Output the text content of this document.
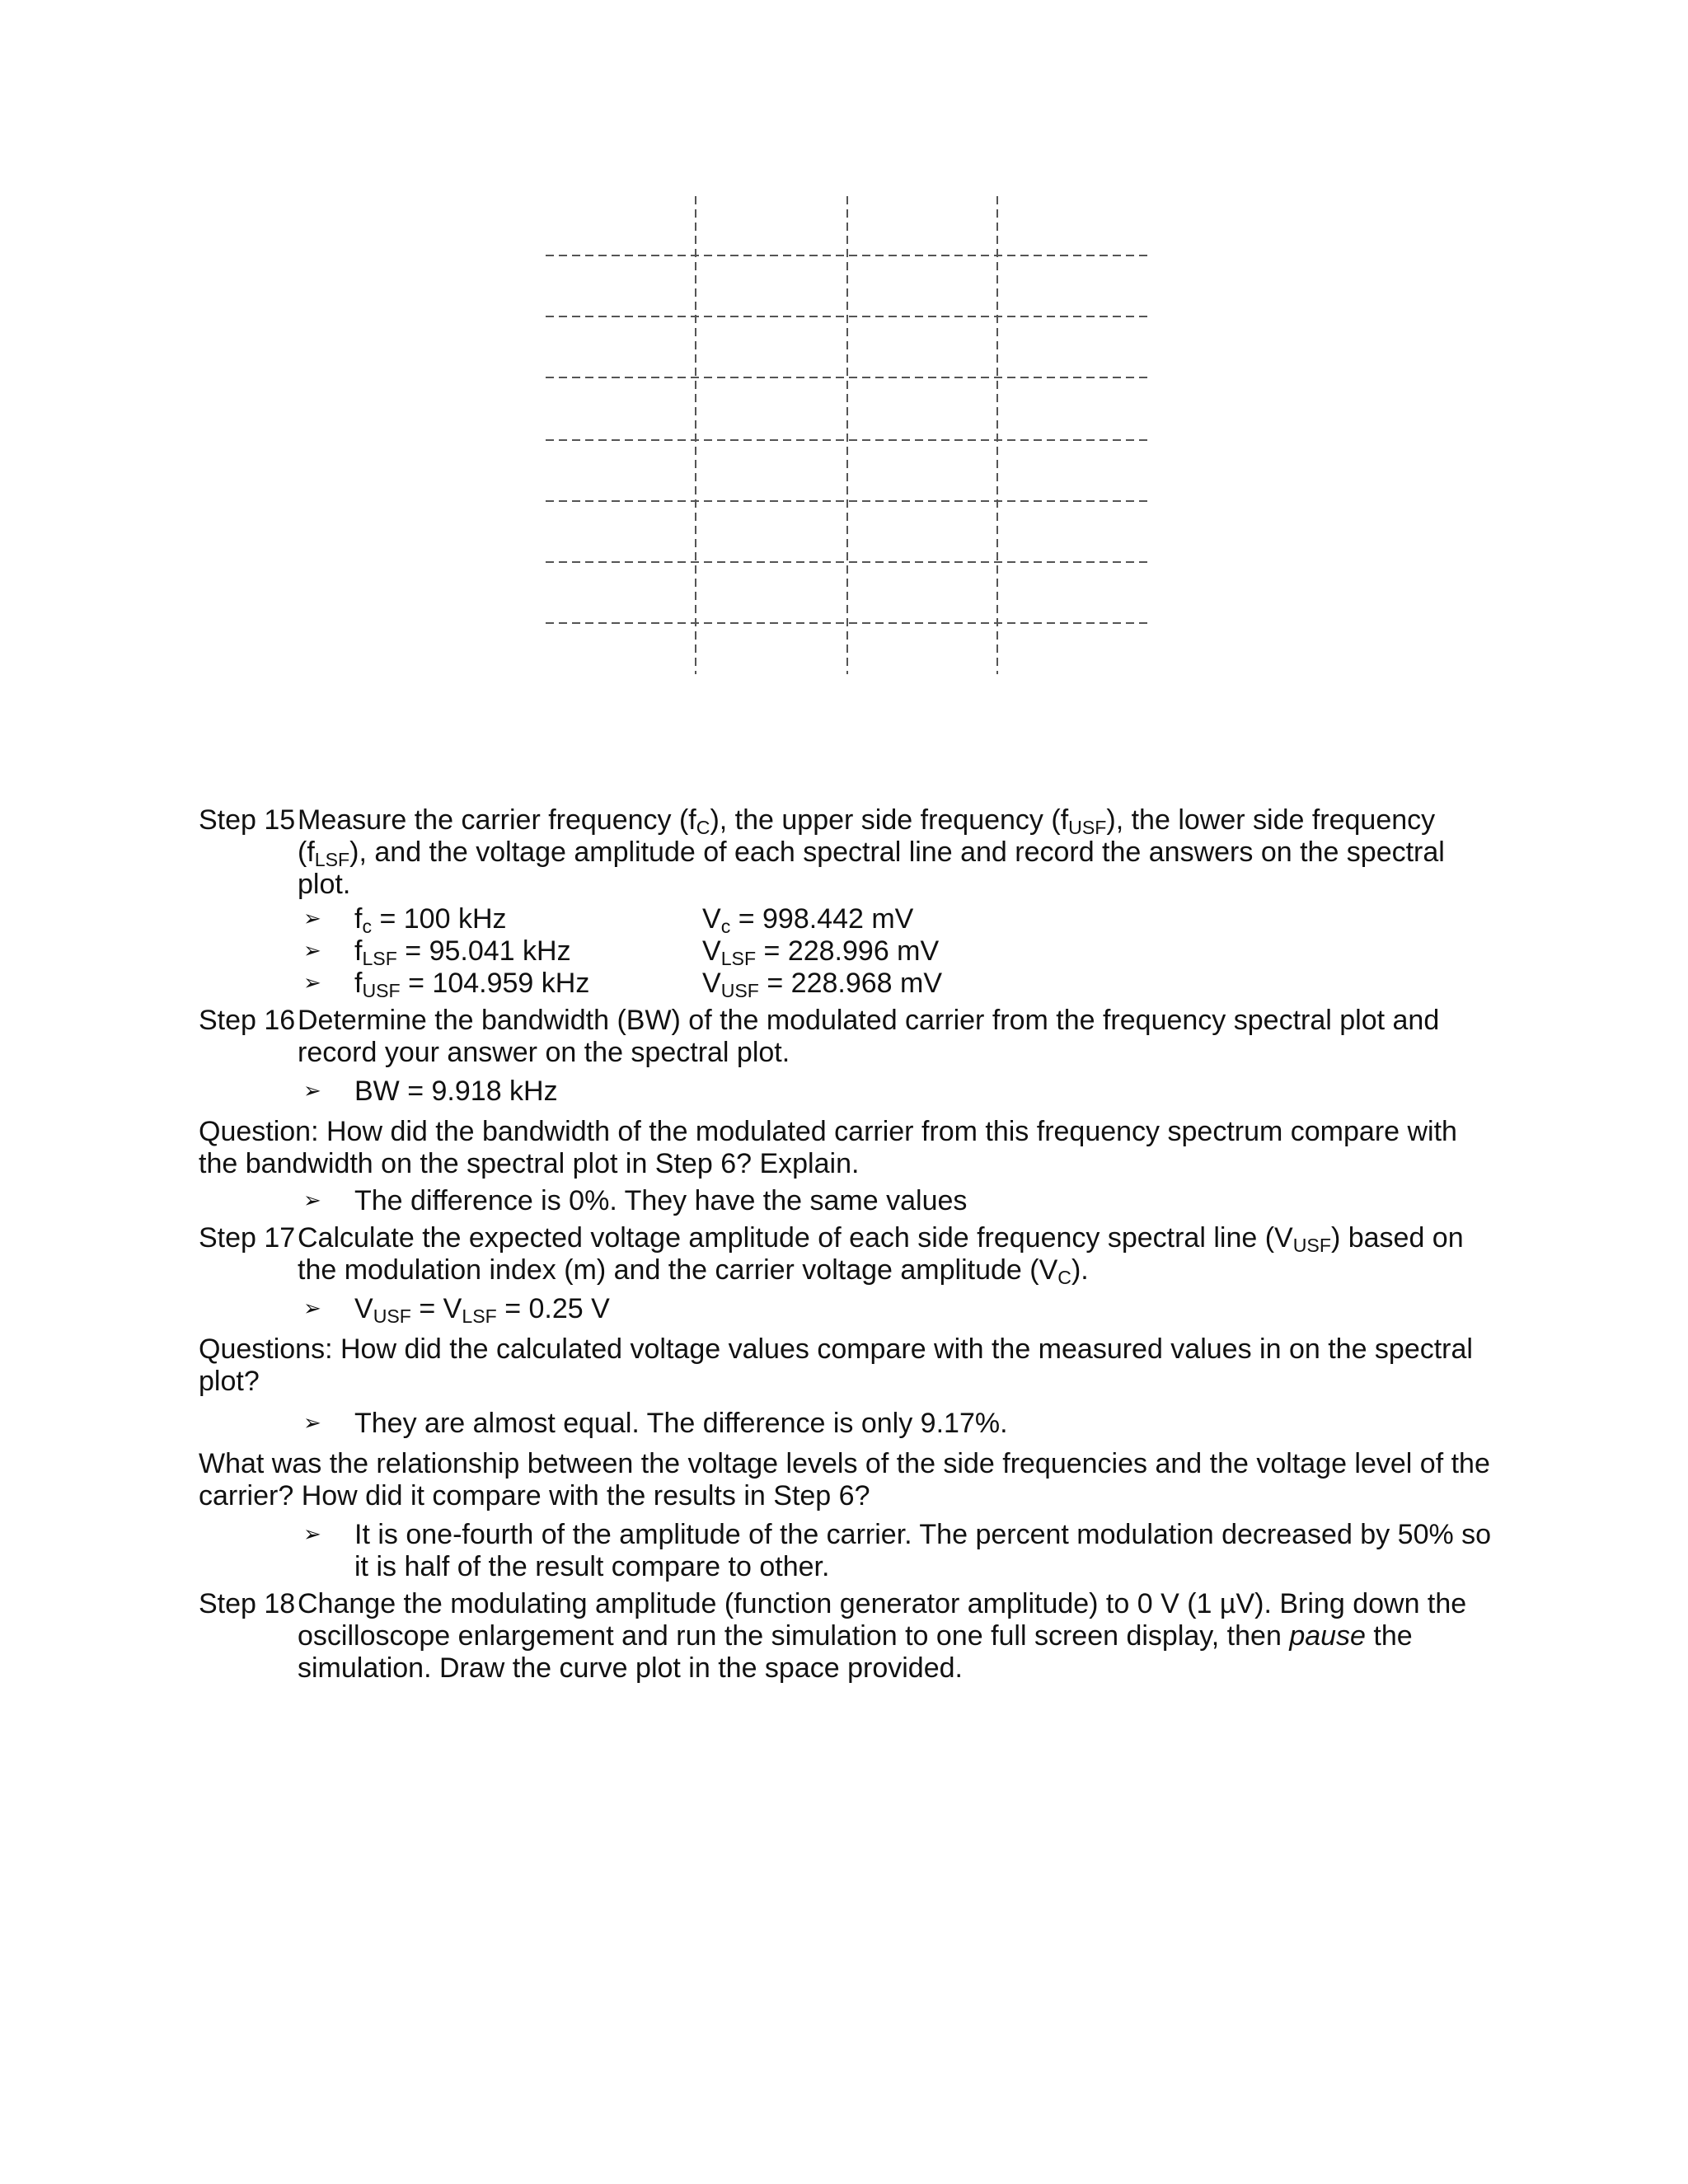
Step 15 Measure the carrier frequency $(f_C)$, the upper side frequency $(f_{USF})$, the lower side frequency $(f_{LSF})$, and the voltage amplitude of each spectral line and record the answers on the spectral plot.
➢ $f_c = 100$ kHz	$V_c = 998.442$ mV
➢ $f_{LSF} = 95.041$ kHz	$V_{LSF} = 228.996$ mV
➢ $f_{USF} = 104.959$ kHz	$V_{USF} = 228.968$ mV
Step 16 Determine the bandwidth (BW) of the modulated carrier from the frequency spectral plot and record your answer on the spectral plot.
➢ BW = 9.918 kHz
Question: How did the bandwidth of the modulated carrier from this frequency spectrum compare with the bandwidth on the spectral plot in Step 6? Explain.
➢ The difference is 0%. They have the same values
Step 17 Calculate the expected voltage amplitude of each side frequency spectral line $(V_{USF})$ based on the modulation index (m) and the carrier voltage amplitude $(V_C)$.
➢ $V_{USF} = V_{LSF} = 0.25$ V
Questions: How did the calculated voltage values compare with the measured values in on the spectral plot?
➢ They are almost equal. The difference is only 9.17%.
What was the relationship between the voltage levels of the side frequencies and the voltage level of the carrier? How did it compare with the results in Step 6?
➢ It is one-fourth of the amplitude of the carrier. The percent modulation decreased by 50% so it is half of the result compare to other.
Step 18 Change the modulating amplitude (function generator amplitude) to 0 V (1 µV). Bring down the oscilloscope enlargement and run the simulation to one full screen display, then pause the simulation. Draw the curve plot in the space provided.
